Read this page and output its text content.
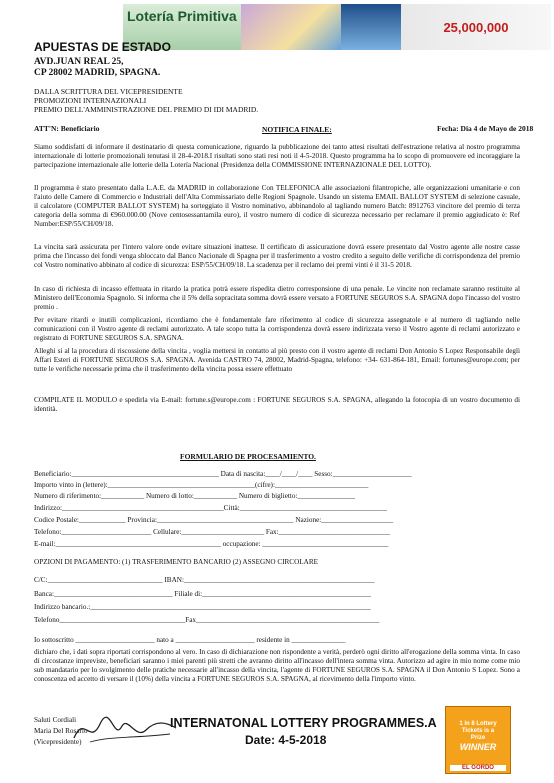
Lotería Primitiva
25,000,000
APUESTAS DE ESTADO
AVD.JUAN REAL 25,
CP 28002 MADRID, SPAGNA.
DALLA SCRITTURA DEL VICEPRESIDENTE
PROMOZIONI INTERNAZIONALI
PREMIO DELL'AMMINISTRAZIONE DEL PREMIO DI IDI MADRID.
ATT'N: Beneficiario	NOTIFICA FINALE:	Fecha: Dia 4 de Mayo de 2018
Siamo soddisfatti di informare il destinatario di questa comunicazione, riguardo la pubblicazione dei tanto attesi risultati dell'estrazione relativa al nostro programma internazionale di lotterie promozionali tenutasi il 28-4-2018.I risultati sono stati resi noti il 4-5-2018. Questo programma ha lo scopo di promuovere ed incoraggiare la partecipazione internazionale alle lotterie della Lotería Nacional (Presidenza della COMMISSIONE INTERNAZIONALE DEL LOTTO).
Il programma è stato presentato dalla L.A.E. da MADRID in collaborazione Con TELEFONICA alle associazioni filantropiche, alle organizzazioni umanitarie e con l'aiuto delle Camere di Commercio e Industriali dell'Alta Commissariato delle Regioni Spagnole. Usando un sistema EMAIL BALLOT SYSTEM di selezione casuale, il calcolatore (COMPUTER BALLOT SYSTEM) ha sorteggiato il Vostro nominativo, abbinandolo al tagliando numero Batch: 8912763 vincitore del premio di terza categoria della somma di €960.000.00 (Nove centosessantamila euro), il vostro numero di codice di sicurezza necessario per reclamare il premio aggiudicato è: Ref Number:ESP/55/CH/09/18.
La vincita sarà assicurata per l'intero valore onde evitare situazioni inattese. Il certificato di assicurazione dovrà essere presentato dal Vostro agente alle nostre casse prima che l'incasso dei fondi venga sbloccato dal Banco Nacionale di Spagna per il trasferimento a vostro credito a seguito delle verifiche di corrispondenza del premio col Vostro nominativo abbinato al codice di sicurezza: ESP/55/CH/09/18. La scadenza per il reclamo dei premi vinti è il 31-5 2018.
In caso di richiesta di incasso effettuata in ritardo la pratica potrà essere rispedita dietro corresponsione di una penale. Le vincite non reclamate saranno restituite al Ministero dell'Economia Spagnolo. Si informa che il 5% della sopracitata somma dovrà essere versato a FORTUNE SEGUROS S.A. SPAGNA dopo l'incasso del vostro premio .
Per evitare ritardi e inutili complicazioni, ricordiamo che è fondamentale fare riferimento al codice di sicurezza assegnatole e al numero di tagliando nelle comunicazioni con il Vostro agente di reclami autorizzato. A tale scopo tutta la corrispondenza dovrà essere indirizzata verso il Vostro agente di reclami autorizzato e registrato di FORTUNE SEGUROS S.A. SPAGNA.
Alleghi si al la procedura di riscossione della vincita , voglia mettersi in contatto al più presto con il vostro agente di reclami Don Antonio S Lopez Responsabile degli Affari Esteri di FORTUNE SEGUROS S.A. SPAGNA. Avenida CASTRO 74, 28002, Madrid-Spagna, telefono: +34- 631-864-181, Email: fortunes@europe.com; per tutte le verifiche necessarie prima che il trasferimento della vincita possa essere effettuato
COMPILATE IL MODULO e spedirla via E-mail: fortune.s@europe.com : FORTUNE SEGUROS S.A. SPAGNA, allegando la fotocopia di un vostro documento di identità.
FORMULARIO DE PROCESAMIENTO.
Beneficiario:_________________________________________ Data di nascita:____/____/____ Sesso:______________________
Importo vinto in (lettere):_________________________________________(cifre):__________________________
Numero di riferimento:____________ Numero di lotto:____________ Numero di biglietto:________________
Indirizzo:_____________________________________________Città:_________________________________________
Codice Postale:_____________ Provincia:______________________________________ Nazione:____________________
Telefono:_________________________ Cellulare:_______________________ Fax:_______________________________
E-mail:______________________________________________ occupazione: ___________________________________
OPZIONI DI PAGAMENTO: (1) TRASFERIMENTO BANCARIO (2) ASSEGNO CIRCOLARE
C/C:________________________________ IBAN:_____________________________________________________
Banca:_________________________________ Filiale di:_______________________________________________
Indirizzo bancario.:______________________________________________________________________________
Telefono___________________________________Fax___________________________________________________
Io sottoscritto ______________________ nato a ______________________ residente in _______________
dichiaro che, i dati sopra riportati corrispondono al vero. In caso di dichiarazione non rispondente a verità, perderò ogni diritto all'erogazione della somma vinta. In caso di circostanze impreviste, beneficiari saranno i miei parenti più stretti che avranno diritto all'incasso dell'intera somma vinta. Autorizzo ad agire in mio nome come mio sub mandatario per lo svolgimento delle pratiche necessarie all'incasso della vincita, l'agente di FORTUNE SEGUROS S.A. SPAGNA il Don Antonio S Lopez. Sono a conoscenza ed accetto di versare il (10%) della vincita a FORTUNE SEGUROS S.A. SPAGNA, al ricevimento della l'importo vinto.
Saluti Cordiali
Maria Del Rosario
(Vicepresidente)
INTERNATONAL LOTTERY PROGRAMMES.A
Date: 4-5-2018
1 in 8 Lottery
Tickets is a
Prize
WINNER
EL GORDO
